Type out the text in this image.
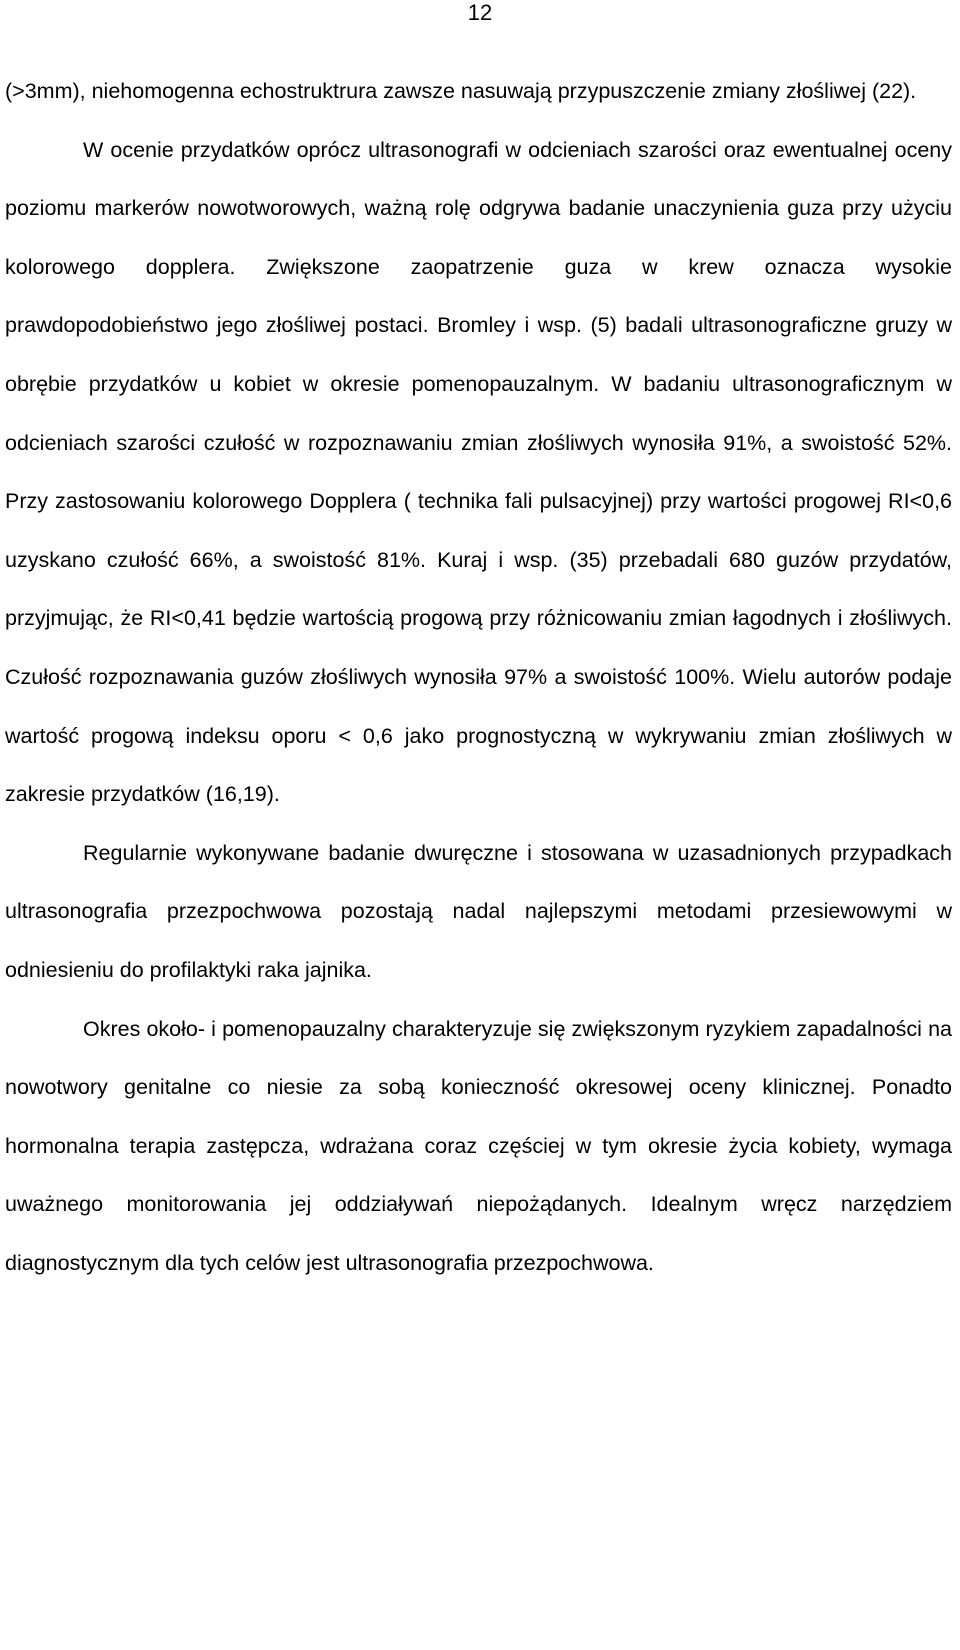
12

(>3mm), niehomogenna echostruktrura zawsze nasuwają przypuszczenie zmiany złośliwej (22).

W ocenie przydatków oprócz ultrasonografi w odcieniach szarości oraz ewentualnej oceny poziomu markerów nowotworowych, ważną rolę odgrywa badanie unaczynienia guza przy użyciu kolorowego dopplera. Zwiększone zaopatrzenie guza w krew oznacza wysokie prawdopodobieństwo jego złośliwej postaci. Bromley i wsp. (5) badali ultrasonograficzne gruzy w obrębie przydatków u kobiet w okresie pomenopauzalnym. W badaniu ultrasonograficznym w odcieniach szarości czułość w rozpoznawaniu zmian złośliwych wynosiła 91%, a swoistość 52%. Przy zastosowaniu kolorowego Dopplera ( technika fali pulsacyjnej) przy wartości progowej RI<0,6 uzyskano czułość 66%, a swoistość 81%. Kuraj i wsp. (35) przebadali 680 guzów przydatów, przyjmując, że RI<0,41 będzie wartością progową przy różnicowaniu zmian łagodnych i złośliwych. Czułość rozpoznawania guzów złośliwych wynosiła 97% a swoistość 100%. Wielu autorów podaje wartość progową indeksu oporu < 0,6 jako prognostyczną w wykrywaniu zmian złośliwych w zakresie przydatków (16,19).

Regularnie wykonywane badanie dwuręczne i stosowana w uzasadnionych przypadkach ultrasonografia przezpochwowa pozostają nadal najlepszymi metodami przesiewowymi w odniesieniu do profilaktyki raka jajnika.

Okres około- i pomenopauzalny charakteryzuje się zwiększonym ryzykiem zapadalności na nowotwory genitalne co niesie za sobą konieczność okresowej oceny klinicznej. Ponadto hormonalna terapia zastępcza, wdrażana coraz częściej w tym okresie życia kobiety, wymaga uważnego monitorowania jej oddziaływań niepożądanych. Idealnym wręcz narzędziem diagnostycznym dla tych celów jest ultrasonografia przezpochwowa.
